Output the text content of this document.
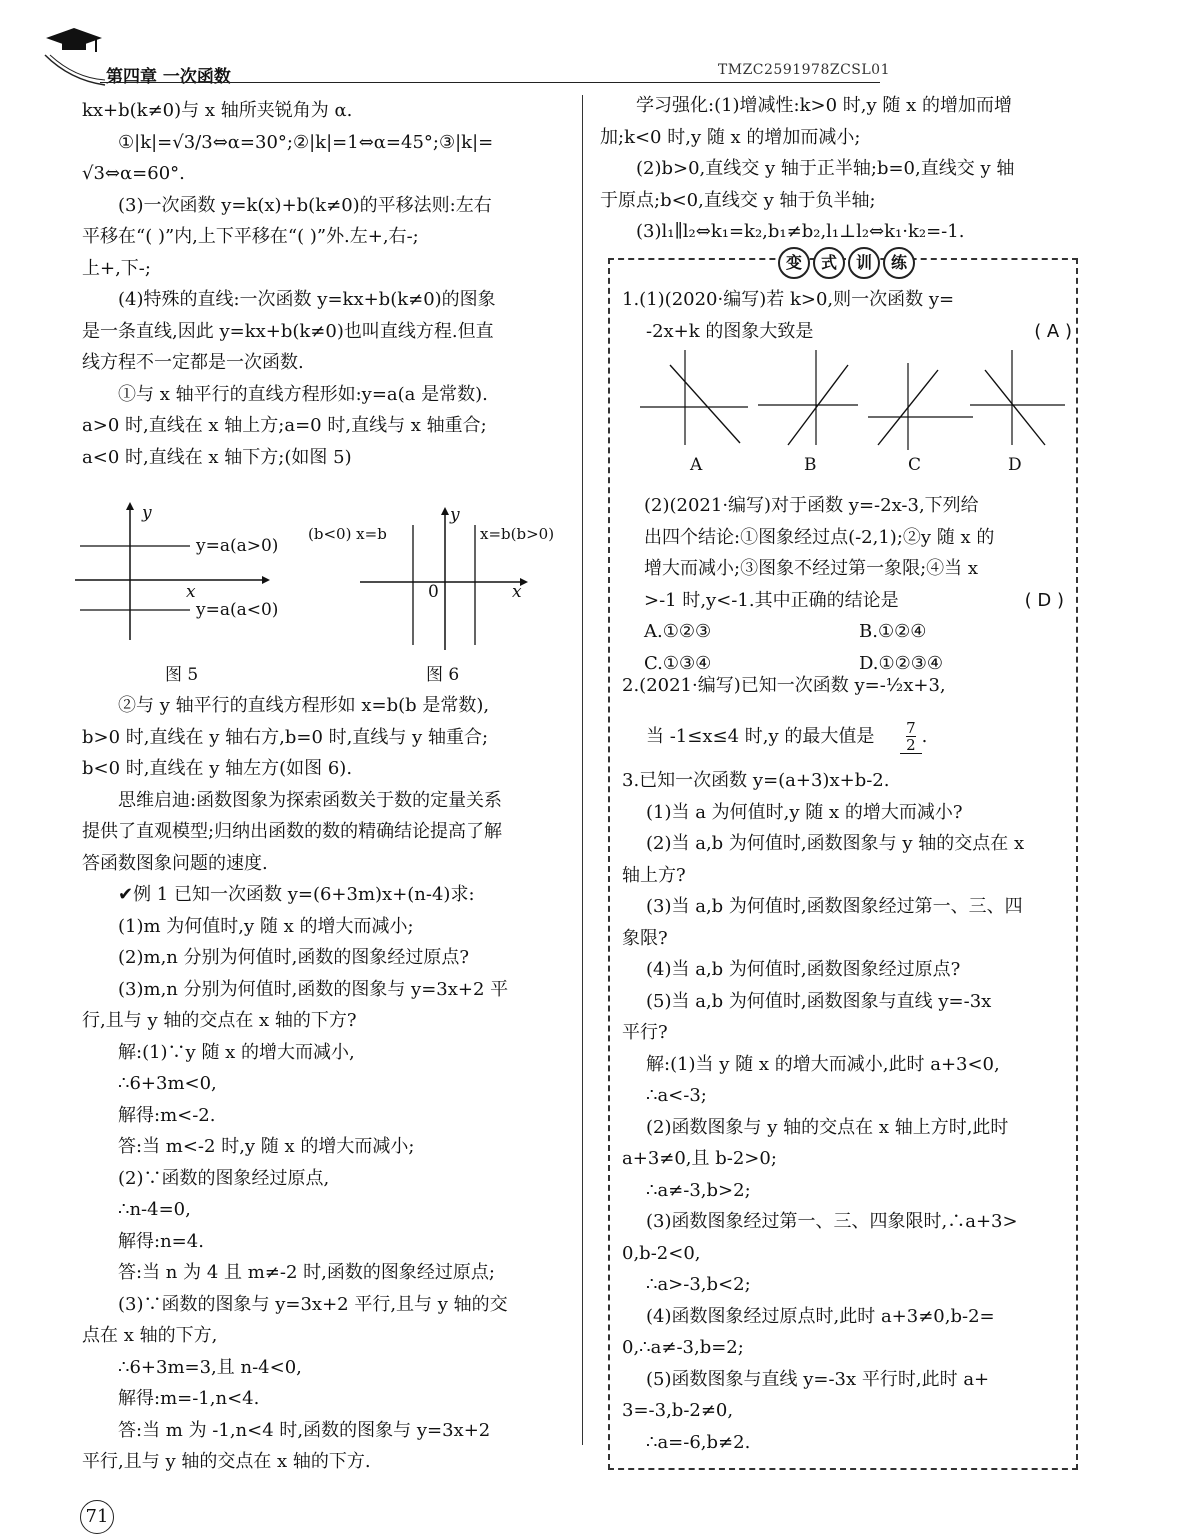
第四章 一次函数	TMZC2591978ZCSL01

kx+b(k≠0)与 x 轴所夹锐角为 α.

①|k|=√3/3⇔α=30°;②|k|=1⇔α=45°;③|k|=

√3⇔α=60°.

(3)一次函数 y=k(x)+b(k≠0)的平移法则:左右

平移在“( )”内,上下平移在“( )”外.左+,右-;

上+,下-;

(4)特殊的直线:一次函数 y=kx+b(k≠0)的图象

是一条直线,因此 y=kx+b(k≠0)也叫直线方程.但直

线方程不一定都是一次函数.

①与 x 轴平行的直线方程形如:y=a(a 是常数).

a>0 时,直线在 x 轴上方;a=0 时,直线与 x 轴重合;

a<0 时,直线在 x 轴下方;(如图 5)

y
x
y=a(a>0)
y=a(a<0)
图 5
(b<0) x=b	x=b(b>0)
0
y
x
图 6

②与 y 轴平行的直线方程形如 x=b(b 是常数),

b>0 时,直线在 y 轴右方,b=0 时,直线与 y 轴重合;

b<0 时,直线在 y 轴左方(如图 6).

思维启迪:函数图象为探索函数关于数的定量关系

提供了直观模型;归纳出函数的数的精确结论提高了解

答函数图象问题的速度.

✔例 1 已知一次函数 y=(6+3m)x+(n-4)求:

(1)m 为何值时,y 随 x 的增大而减小;

(2)m,n 分别为何值时,函数的图象经过原点?

(3)m,n 分别为何值时,函数的图象与 y=3x+2 平

行,且与 y 轴的交点在 x 轴的下方?

解:(1)∵y 随 x 的增大而减小,

∴6+3m<0,

解得:m<-2.

答:当 m<-2 时,y 随 x 的增大而减小;

(2)∵函数的图象经过原点,

∴n-4=0,

解得:n=4.

答:当 n 为 4 且 m≠-2 时,函数的图象经过原点;

(3)∵函数的图象与 y=3x+2 平行,且与 y 轴的交

点在 x 轴的下方,

∴6+3m=3,且 n-4<0,

解得:m=-1,n<4.

答:当 m 为 -1,n<4 时,函数的图象与 y=3x+2

平行,且与 y 轴的交点在 x 轴的下方.

学习强化:(1)增减性:k>0 时,y 随 x 的增加而增

加;k<0 时,y 随 x 的增加而减小;

(2)b>0,直线交 y 轴于正半轴;b=0,直线交 y 轴

于原点;b<0,直线交 y 轴于负半轴;

(3)l₁∥l₂⇔k₁=k₂,b₁≠b₂,l₁⊥l₂⇔k₁·k₂=-1.

变 式 训 练

1.(1)(2020·编写)若 k>0,则一次函数 y=

-2x+k 的图象大致是	( A )

A	B	C	D

(2)(2021·编写)对于函数 y=-2x-3,下列给

出四个结论:①图象经过点(-2,1);②y 随 x 的

增大而减小;③图象不经过第一象限;④当 x

>-1 时,y<-1.其中正确的结论是	( D )

A.①②③	B.①②④

C.①③④	D.①②③④

2.(2021·编写)已知一次函数 y=-½x+3,

当 -1≤x≤4 时,y 的最大值是 $\frac{7}{2}$ .

3.已知一次函数 y=(a+3)x+b-2.

(1)当 a 为何值时,y 随 x 的增大而减小?

(2)当 a,b 为何值时,函数图象与 y 轴的交点在 x

轴上方?

(3)当 a,b 为何值时,函数图象经过第一、三、四

象限?

(4)当 a,b 为何值时,函数图象经过原点?

(5)当 a,b 为何值时,函数图象与直线 y=-3x

平行?

解:(1)当 y 随 x 的增大而减小,此时 a+3<0,

∴a<-3;

(2)函数图象与 y 轴的交点在 x 轴上方时,此时

a+3≠0,且 b-2>0;

∴a≠-3,b>2;

(3)函数图象经过第一、三、四象限时,∴a+3>

0,b-2<0,

∴a>-3,b<2;

(4)函数图象经过原点时,此时 a+3≠0,b-2=

0,∴a≠-3,b=2;

(5)函数图象与直线 y=-3x 平行时,此时 a+

3=-3,b-2≠0,

∴a=-6,b≠2.

71
